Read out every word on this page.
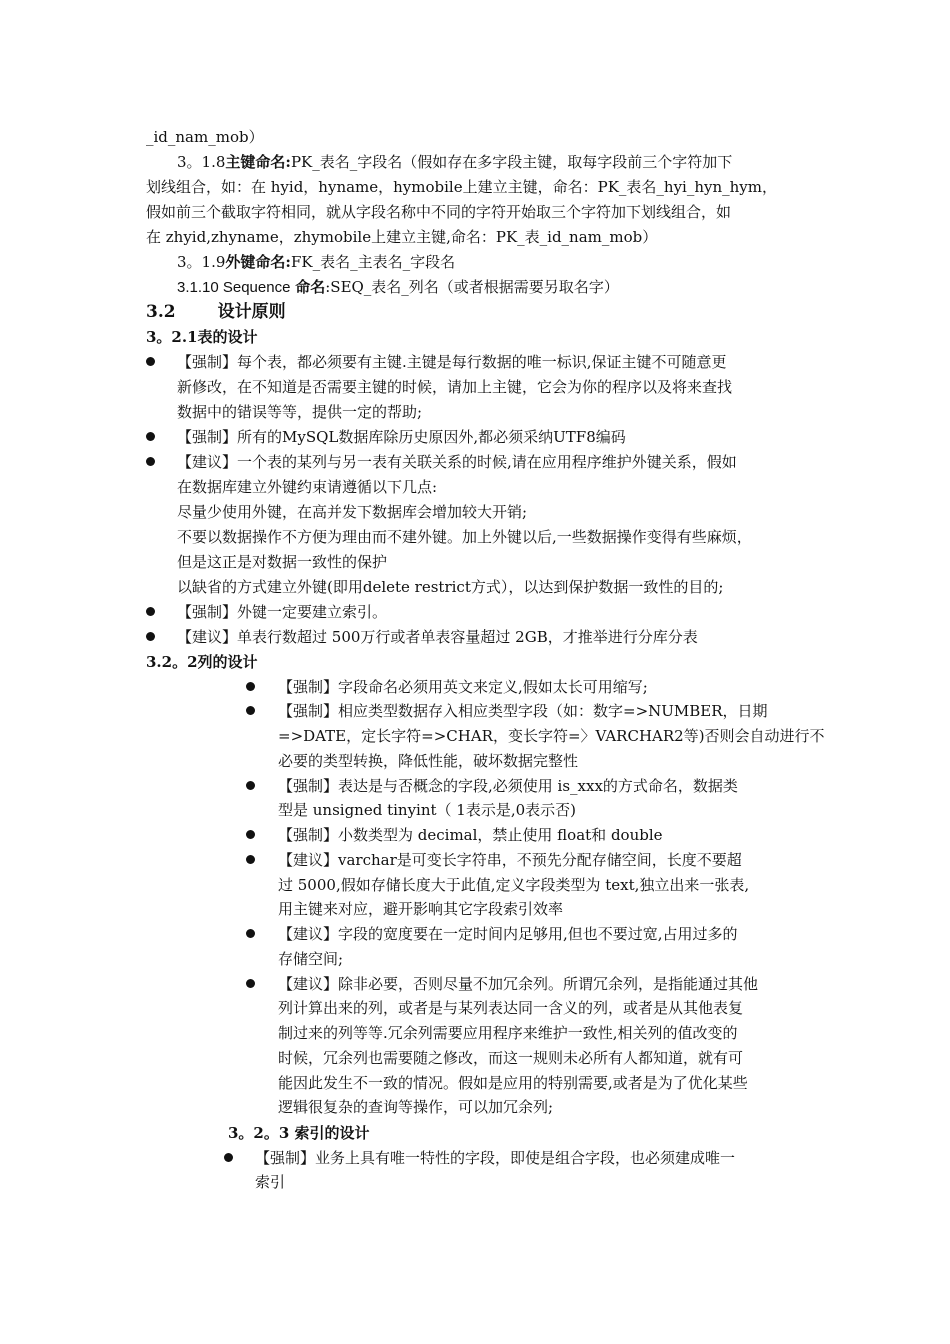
_id_nam_mob）
3。1.8主键命名:PK_表名_字段名（假如存在多字段主键，取每字段前三个字符加下
划线组合，如：在 hyid，hyname，hymobile上建立主键，命名：PK_表名_hyi_hyn_hym，
假如前三个截取字符相同，就从字段名称中不同的字符开始取三个字符加下划线组合，如
在 zhyid,zhyname，zhymobile上建立主键,命名：PK_表_id_nam_mob）
3。1.9外键命名:FK_表名_主表名_字段名
3.1.10 Sequence 命名:SEQ_表名_列名（或者根据需要另取名字）
3.2 设计原则
3。2.1表的设计
【强制】每个表，都必须要有主键.主键是每行数据的唯一标识,保证主键不可随意更
新修改，在不知道是否需要主键的时候，请加上主键，它会为你的程序以及将来查找
数据中的错误等等，提供一定的帮助;
【强制】所有的MySQL数据库除历史原因外,都必须采纳UTF8编码
【建议】一个表的某列与另一表有关联关系的时候,请在应用程序维护外键关系，假如
在数据库建立外键约束请遵循以下几点:
尽量少使用外键，在高并发下数据库会增加较大开销;
不要以数据操作不方便为理由而不建外键。加上外键以后,一些数据操作变得有些麻烦，
但是这正是对数据一致性的保护
以缺省的方式建立外键(即用delete restrict方式），以达到保护数据一致性的目的;
【强制】外键一定要建立索引。
【建议】单表行数超过 500万行或者单表容量超过 2GB，才推举进行分库分表
3.2。2列的设计
【强制】字段命名必须用英文来定义,假如太长可用缩写;
【强制】相应类型数据存入相应类型字段（如：数字=>NUMBER，日期
=>DATE，定长字符=>CHAR，变长字符=〉VARCHAR2等)否则会自动进行不
必要的类型转换，降低性能，破坏数据完整性
【强制】表达是与否概念的字段,必须使用 is_xxx的方式命名，数据类
型是 unsigned tinyint（ 1表示是,0表示否)
【强制】小数类型为 decimal，禁止使用 float和 double
【建议】varchar是可变长字符串，不预先分配存储空间，长度不要超
过 5000,假如存储长度大于此值,定义字段类型为 text,独立出来一张表,
用主键来对应，避开影响其它字段索引效率
【建议】字段的宽度要在一定时间内足够用,但也不要过宽,占用过多的
存储空间;
【建议】除非必要，否则尽量不加冗余列。所谓冗余列，是指能通过其他
列计算出来的列，或者是与某列表达同一含义的列，或者是从其他表复
制过来的列等等.冗余列需要应用程序来维护一致性,相关列的值改变的
时候，冗余列也需要随之修改，而这一规则未必所有人都知道，就有可
能因此发生不一致的情况。假如是应用的特别需要,或者是为了优化某些
逻辑很复杂的查询等操作，可以加冗余列;
3。2。3 索引的设计
【强制】业务上具有唯一特性的字段，即使是组合字段，也必须建成唯一
索引
